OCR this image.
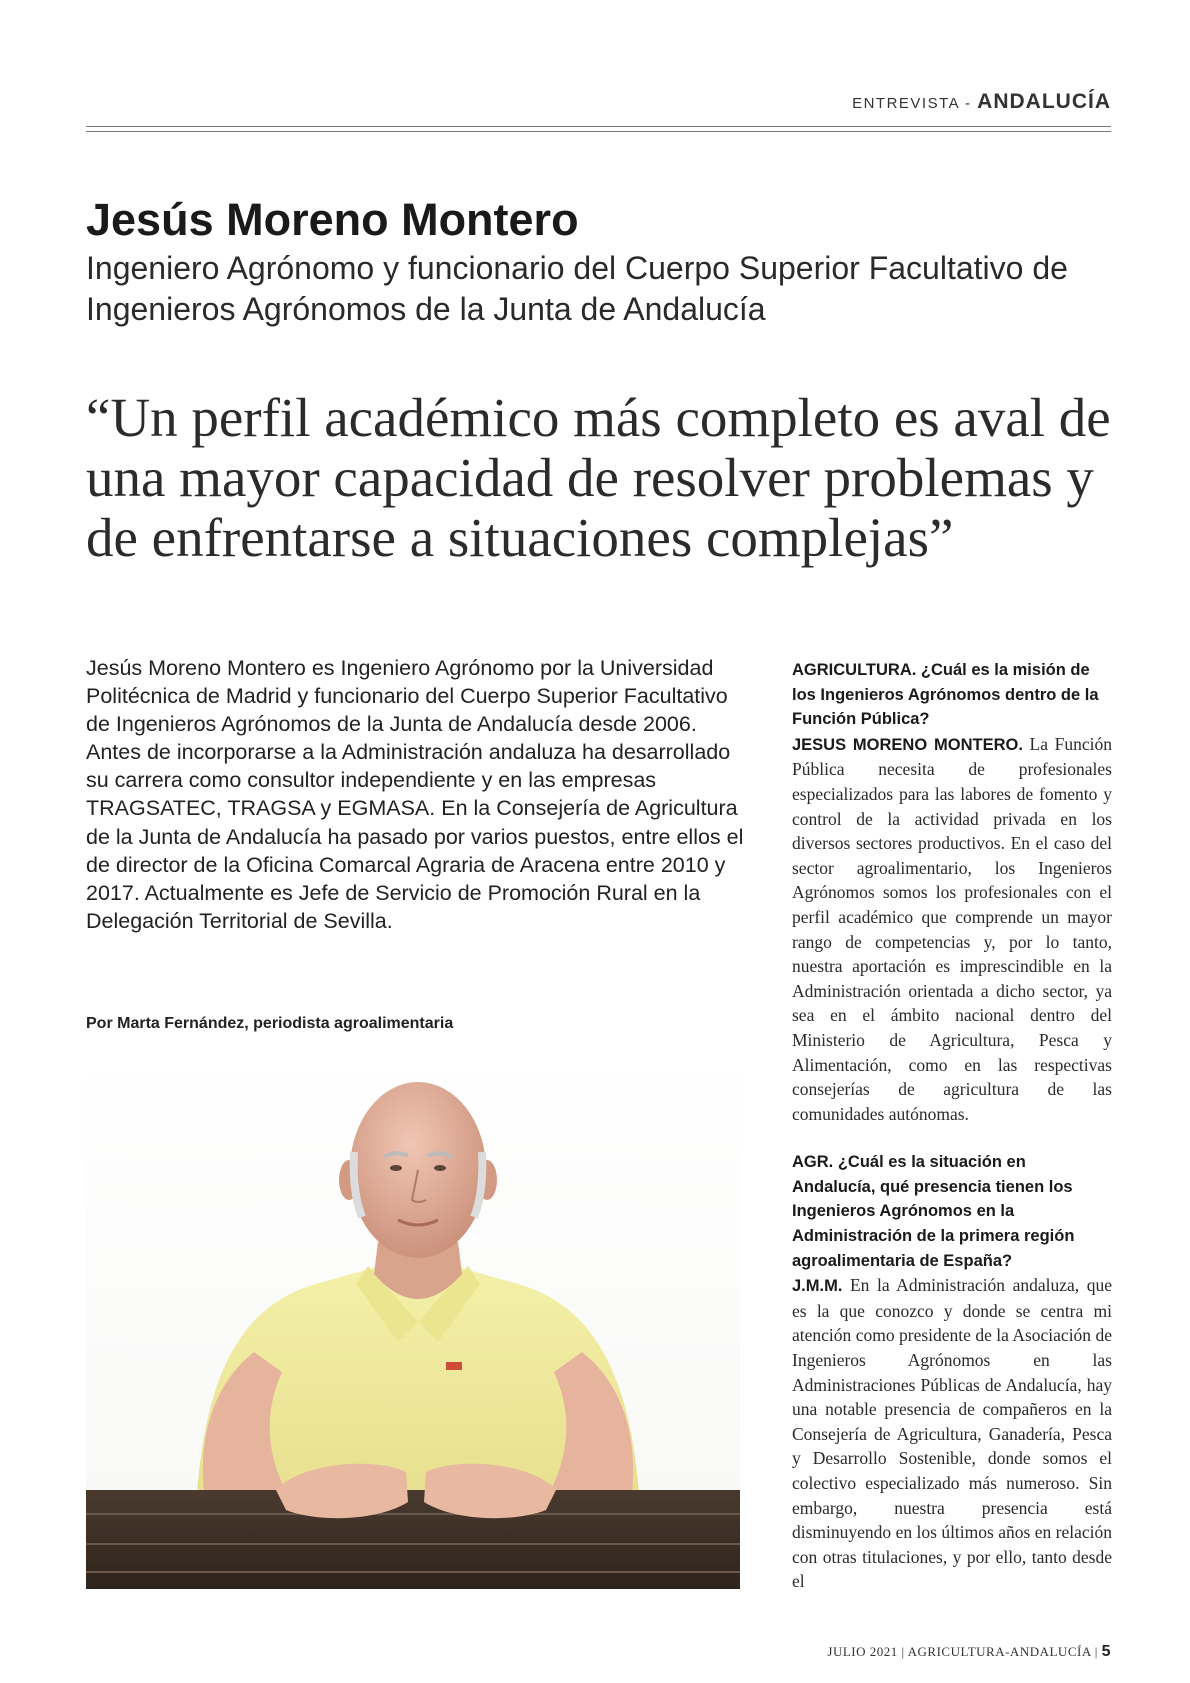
ENTREVISTA - ANDALUCÍA
Jesús Moreno Montero

Ingeniero Agrónomo y funcionario del Cuerpo Superior Facultativo de Ingenieros Agrónomos de la Junta de Andalucía

“Un perfil académico más completo es aval de una mayor capacidad de resolver problemas y de enfrentarse a situaciones complejas”

Jesús Moreno Montero es Ingeniero Agrónomo por la Universidad Politécnica de Madrid y funcionario del Cuerpo Superior Facultativo de Ingenieros Agrónomos de la Junta de Andalucía desde 2006. Antes de incorporarse a la Administración andaluza ha desarrollado su carrera como consultor independiente y en las empresas TRAGSATEC, TRAGSA y EGMASA. En la Consejería de Agricultura de la Junta de Andalucía ha pasado por varios puestos, entre ellos el de director de la Oficina Comarcal Agraria de Aracena entre 2010 y 2017. Actualmente es Jefe de Servicio de Promoción Rural en la Delegación Territorial de Sevilla.

Por Marta Fernández, periodista agroalimentaria

AGRICULTURA. ¿Cuál es la misión de los Ingenieros Agrónomos dentro de la Función Pública?

JESUS MORENO MONTERO. La Función Pública necesita de profesionales especializados para las labores de fomento y control de la actividad privada en los diversos sectores productivos. En el caso del sector agroalimentario, los Ingenieros Agrónomos somos los profesionales con el perfil académico que comprende un mayor rango de competencias y, por lo tanto, nuestra aportación es imprescindible en la Administración orientada a dicho sector, ya sea en el ámbito nacional dentro del Ministerio de Agricultura, Pesca y Alimentación, como en las respectivas consejerías de agricultura de las comunidades autónomas.

AGR. ¿Cuál es la situación en Andalucía, qué presencia tienen los Ingenieros Agrónomos en la Administración de la primera región agroalimentaria de España?

J.M.M. En la Administración andaluza, que es la que conozco y donde se centra mi atención como presidente de la Asociación de Ingenieros Agrónomos en las Administraciones Públicas de Andalucía, hay una notable presencia de compañeros en la Consejería de Agricultura, Ganadería, Pesca y Desarrollo Sostenible, donde somos el colectivo especializado más numeroso. Sin embargo, nuestra presencia está disminuyendo en los últimos años en relación con otras titulaciones, y por ello, tanto desde el

JULIO 2021 | AGRICULTURA-ANDALUCÍA | 5
